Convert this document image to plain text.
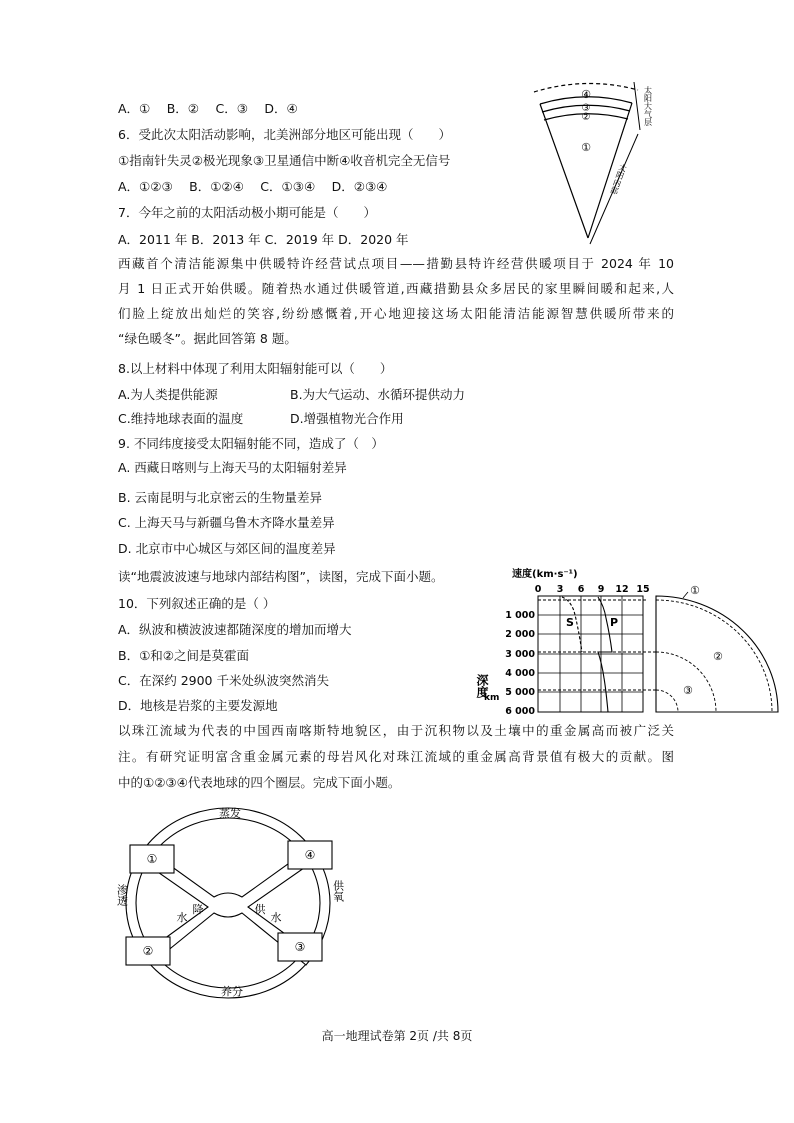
A．①　 B．②　 C．③　 D．④
6．受此次太阳活动影响，北美洲部分地区可能出现（　　）
①指南针失灵②极光现象③卫星通信中断④收音机完全无信号
A．①②③　 B．①②④　 C．①③④　 D．②③④
7．今年之前的太阳活动极小期可能是（　　）
A．2011 年 B．2013 年 C．2019 年 D．2020 年
西藏首个清洁能源集中供暖特许经营试点项目——措勤县特许经营供暖项目于 2024 年 10
月 1 日正式开始供暖。随着热水通过供暖管道,西藏措勤县众多居民的家里瞬间暖和起来,人
们脸上绽放出灿烂的笑容,纷纷感慨着,开心地迎接这场太阳能清洁能源智慧供暖所带来的
“绿色暖冬”。据此回答第 8 题。
8.以上材料中体现了利用太阳辐射能可以（　　）
A.为人类提供能源	B.为大气运动、水循环提供动力
C.维持地球表面的温度	D.增强植物光合作用
9. 不同纬度接受太阳辐射能不同，造成了（　）
A. 西藏日喀则与上海天马的太阳辐射差异
B. 云南昆明与北京密云的生物量差异
C. 上海天马与新疆乌鲁木齐降水量差异
D. 北京市中心城区与郊区间的温度差异
读“地震波波速与地球内部结构图”，读图，完成下面小题。
10．下列叙述正确的是（ ）
A．纵波和横波波速都随深度的增加而增大
B．①和②之间是莫霍面
C．在深约 2900 千米处纵波突然消失
D．地核是岩浆的主要发源地
以珠江流域为代表的中国西南喀斯特地貌区，由于沉积物以及土壤中的重金属高而被广泛关
注。有研究证明富含重金属元素的母岩风化对珠江流域的重金属高背景值有极大的贡献。图
中的①②③④代表地球的四个圈层。完成下面小题。
④
③
②
①
太阳大气层
太阳内部
速度(km·s⁻¹)
0 3 6 9 12 15
1 000
2 000
3 000
4 000
5 000
6 000
深度
km
S	P
①
②
③
①	④
②	③
蒸发
养分
渗透	供氧
水
降	供
水
高一地理试卷第 2页 /共 8页
